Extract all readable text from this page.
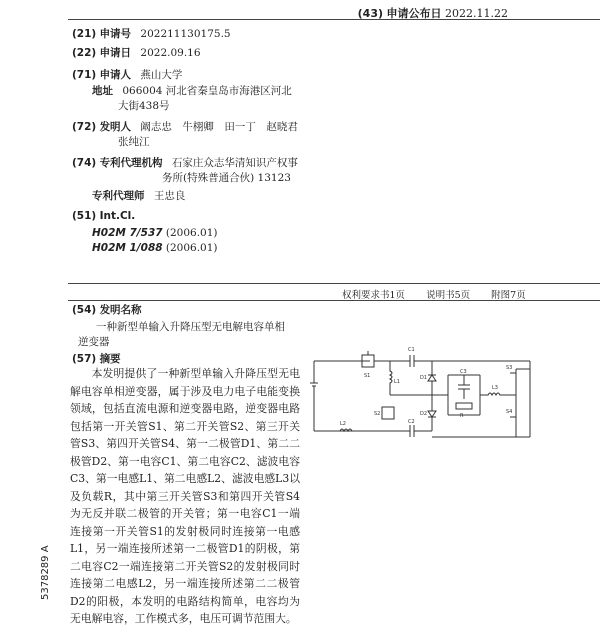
(43) 申请公布日 2022.11.22
(21) 申请号 202211130175.5
(22) 申请日 2022.09.16
(71) 申请人 燕山大学
地址 066004 河北省秦皇岛市海港区河北
大街438号
(72) 发明人 阚志忠　牛栩卿　田一丁　赵晓君
张纯江
(74) 专利代理机构 石家庄众志华清知识产权事
务所(特殊普通合伙) 13123
专利代理师 王忠良
(51) Int.Cl.
H02M 7/537 (2006.01)
H02M 1/088 (2006.01)
(54) 发明名称
一种新型单输入升降压型无电解电容单相
逆变器
(57) 摘要
权利要求书1页 说明书5页 附图7页
本发明提供了一种新型单输入升降压型无电解电容单相逆变器，属于涉及电力电子电能变换领域，包括直流电源和逆变器电路，逆变器电路包括第一开关管S1、第二开关管S2、第三开关管S3、第四开关管S4、第一二极管D1、第二二极管D2、第一电容C1、第二电容C2、滤波电容C3、第一电感L1、第二电感L2、滤波电感L3以及负载R，其中第三开关管S3和第四开关管S4为无反并联二极管的开关管；第一电容C1一端连接第一开关管S1的发射极同时连接第一电感L1，另一端连接所述第一二极管D1的阴极，第二电容C2一端连接第二开关管S2的发射极同时连接第二电感L2，另一端连接所述第二二极管D2的阳极，本发明的电路结构简单，电容均为无电解电容，工作模式多，电压可调节范围大。
5378289 A
S1
L1
C1
D1
S2
L2	C2
D2
C3
R
L3
S3
S4
